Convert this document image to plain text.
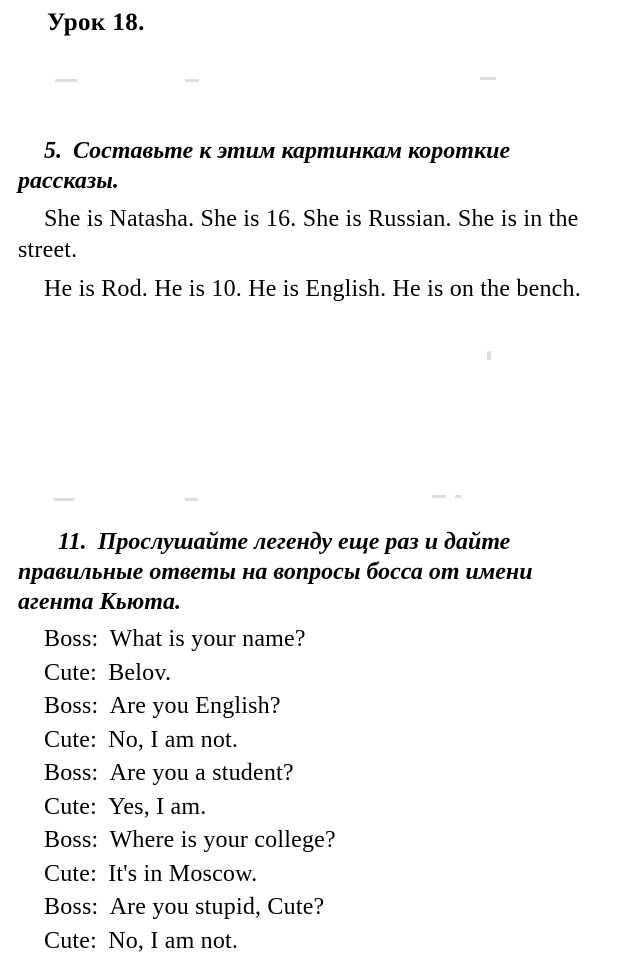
Урок 18.
5. Составьте к этим картинкам короткие рассказы.
She is Natasha. She is 16. She is Russian. She is in the street.
He is Rod. He is 10. He is English. He is on the bench.
11. Прослушайте легенду еще раз и дайте правильные ответы на вопросы босса от имени агента Кьюта.
Boss: What is your name?
Cute: Belov.
Boss: Are you English?
Cute: No, I am not.
Boss: Are you a student?
Cute: Yes, I am.
Boss: Where is your college?
Cute: It's in Moscow.
Boss: Are you stupid, Cute?
Cute: No, I am not.
